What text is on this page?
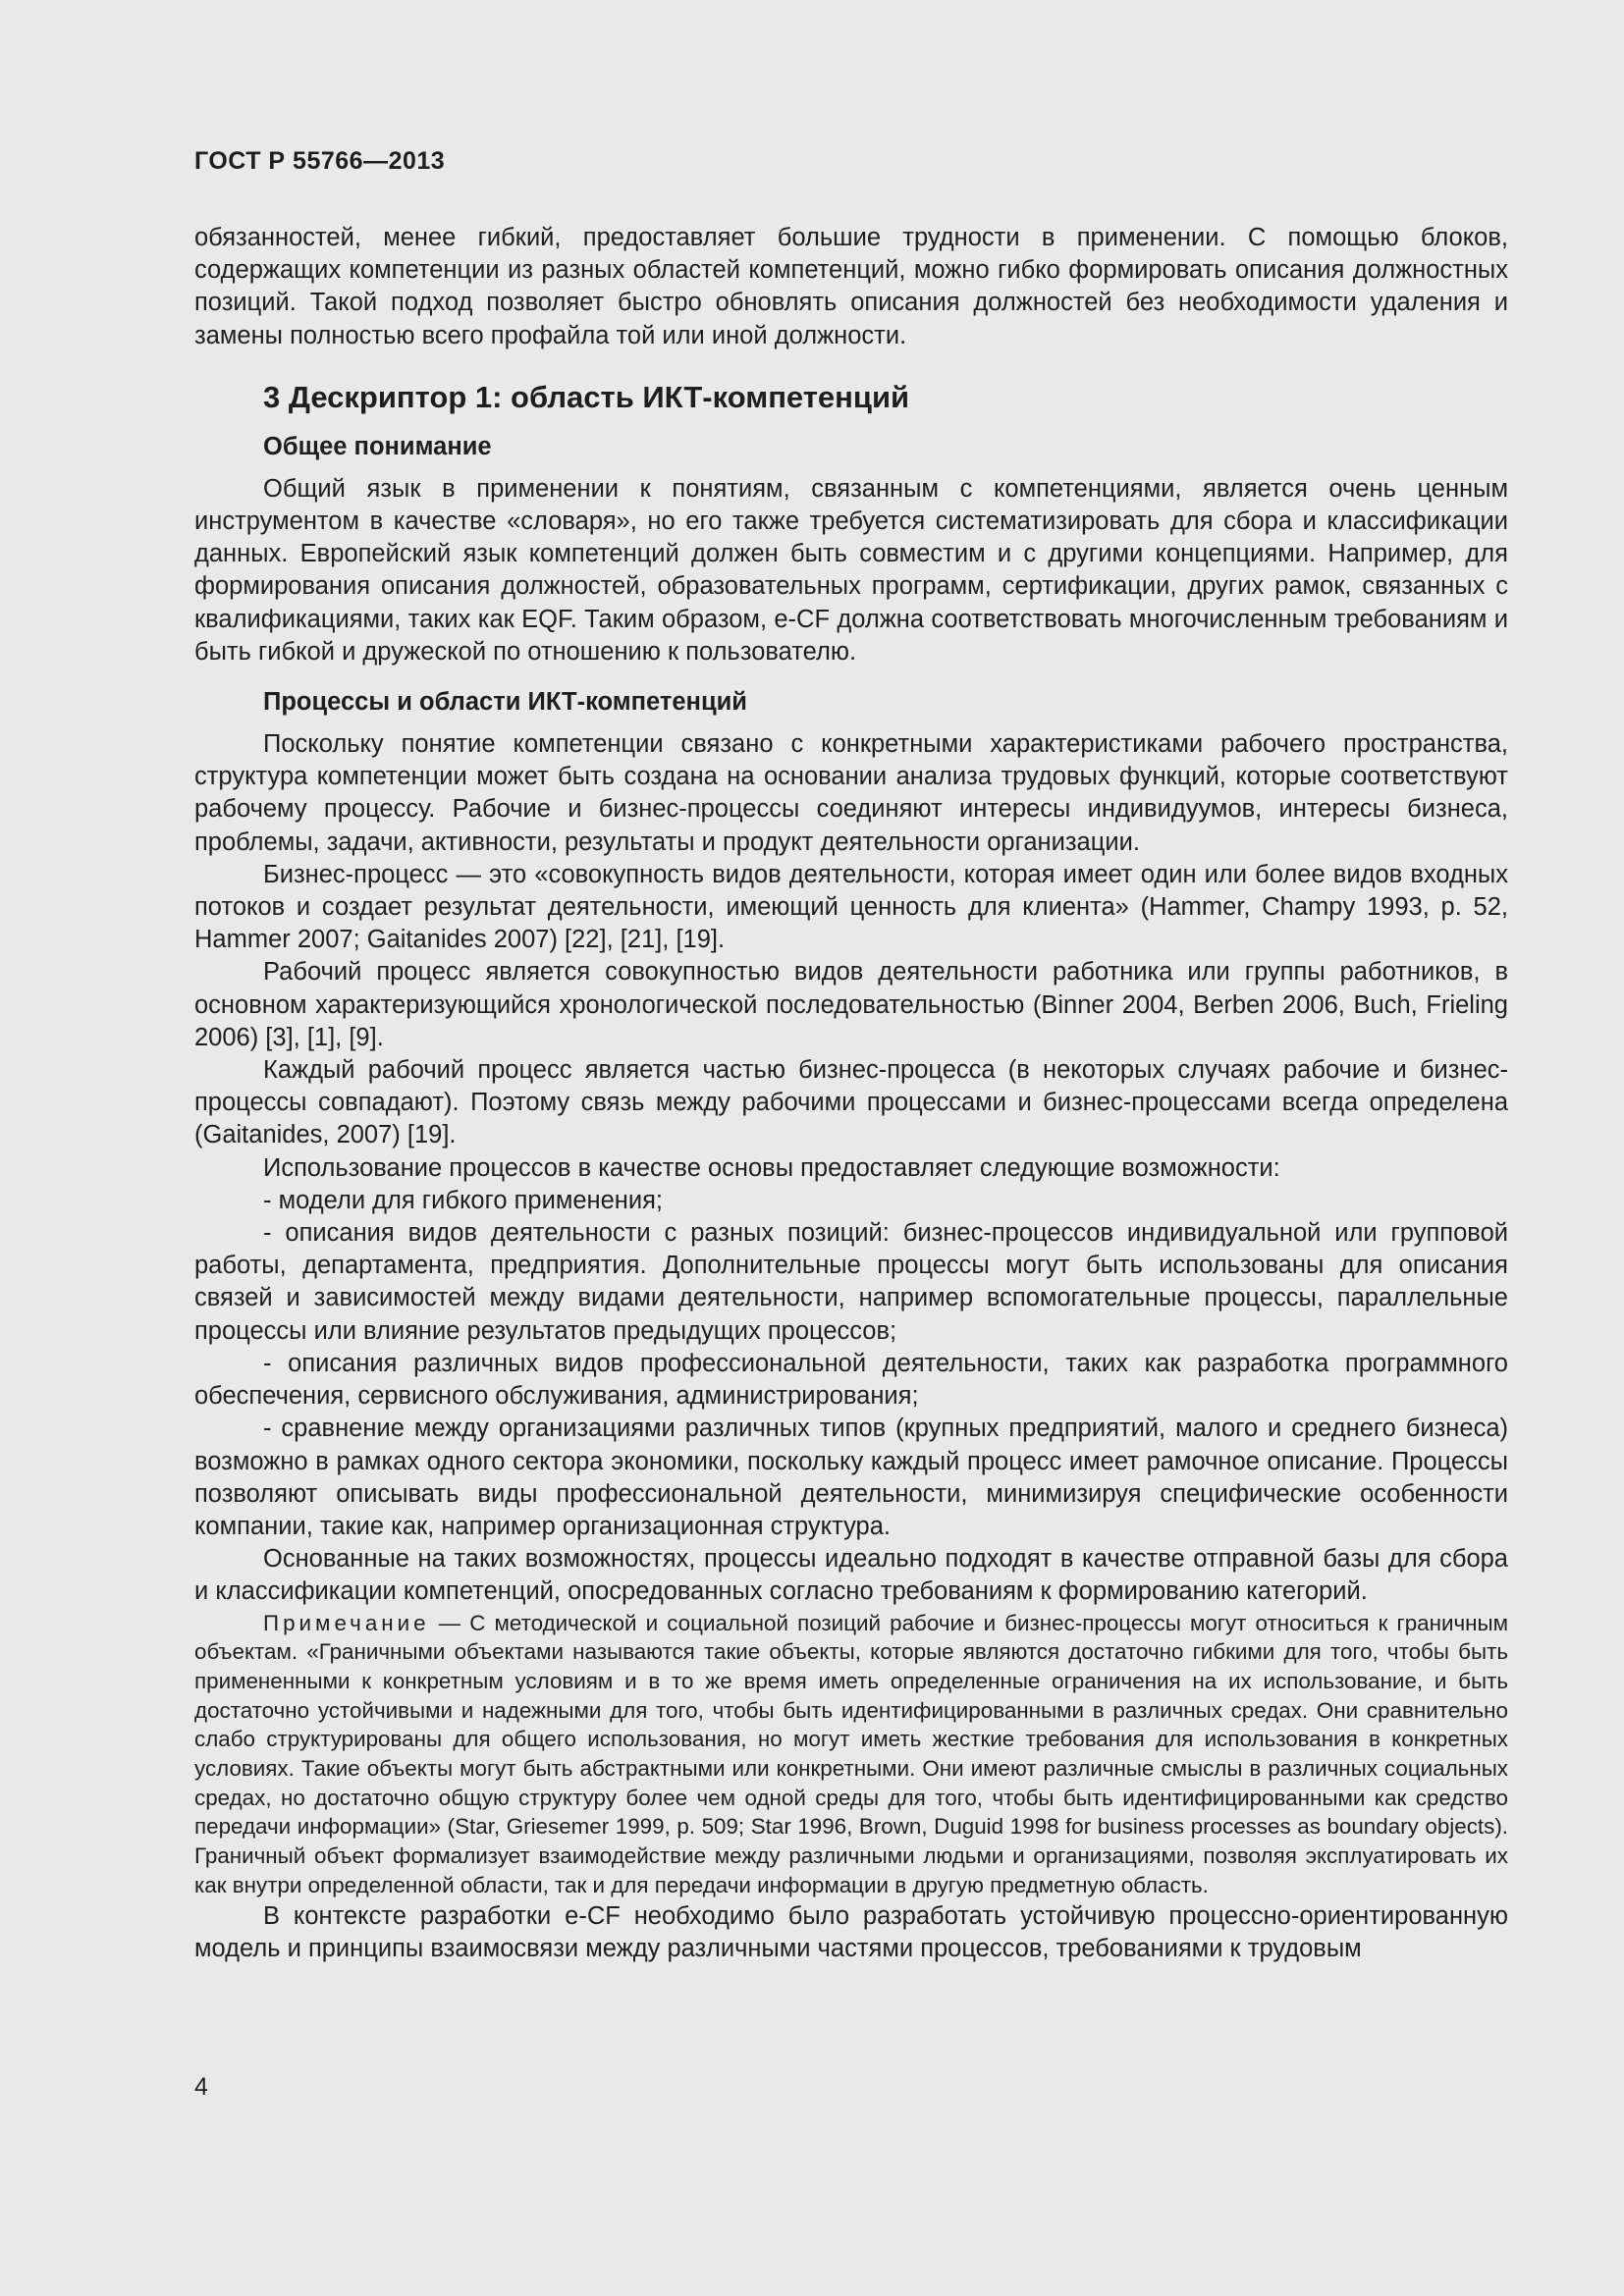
ГОСТ Р 55766—2013

обязанностей, менее гибкий, предоставляет большие трудности в применении. С помощью блоков, содержащих компетенции из разных областей компетенций, можно гибко формировать описания должностных позиций. Такой подход позволяет быстро обновлять описания должностей без необходимости удаления и замены полностью всего профайла той или иной должности.

3 Дескриптор 1: область ИКТ-компетенций
Общее понимание

Общий язык в применении к понятиям, связанным с компетенциями, является очень ценным инструментом в качестве «словаря», но его также требуется систематизировать для сбора и классификации данных. Европейский язык компетенций должен быть совместим и с другими концепциями. Например, для формирования описания должностей, образовательных программ, сертификации, других рамок, связанных с квалификациями, таких как EQF. Таким образом, e-CF должна соответствовать многочисленным требованиям и быть гибкой и дружеской по отношению к пользователю.

Процессы и области ИКТ-компетенций

Поскольку понятие компетенции связано с конкретными характеристиками рабочего пространства, структура компетенции может быть создана на основании анализа трудовых функций, которые соответствуют рабочему процессу. Рабочие и бизнес-процессы соединяют интересы индивидуумов, интересы бизнеса, проблемы, задачи, активности, результаты и продукт деятельности организации.

Бизнес-процесс — это «совокупность видов деятельности, которая имеет один или более видов входных потоков и создает результат деятельности, имеющий ценность для клиента» (Hammer, Champy 1993, p. 52, Hammer 2007; Gaitanides 2007) [22], [21], [19].

Рабочий процесс является совокупностью видов деятельности работника или группы работников, в основном характеризующийся хронологической последовательностью (Binner 2004, Berben 2006, Buch, Frieling 2006) [3], [1], [9].

Каждый рабочий процесс является частью бизнес-процесса (в некоторых случаях рабочие и бизнес-процессы совпадают). Поэтому связь между рабочими процессами и бизнес-процессами всегда определена (Gaitanides, 2007) [19].

Использование процессов в качестве основы предоставляет следующие возможности:

- модели для гибкого применения;

- описания видов деятельности с разных позиций: бизнес-процессов индивидуальной или групповой работы, департамента, предприятия. Дополнительные процессы могут быть использованы для описания связей и зависимостей между видами деятельности, например вспомогательные процессы, параллельные процессы или влияние результатов предыдущих процессов;

- описания различных видов профессиональной деятельности, таких как разработка программного обеспечения, сервисного обслуживания, администрирования;

- сравнение между организациями различных типов (крупных предприятий, малого и среднего бизнеса) возможно в рамках одного сектора экономики, поскольку каждый процесс имеет рамочное описание. Процессы позволяют описывать виды профессиональной деятельности, минимизируя специфические особенности компании, такие как, например организационная структура.

Основанные на таких возможностях, процессы идеально подходят в качестве отправной базы для сбора и классификации компетенций, опосредованных согласно требованиям к формированию категорий.

Примечание — С методической и социальной позиций рабочие и бизнес-процессы могут относиться к граничным объектам. «Граничными объектами называются такие объекты, которые являются достаточно гибкими для того, чтобы быть примененными к конкретным условиям и в то же время иметь определенные ограничения на их использование, и быть достаточно устойчивыми и надежными для того, чтобы быть идентифицированными в различных средах. Они сравнительно слабо структурированы для общего использования, но могут иметь жесткие требования для использования в конкретных условиях. Такие объекты могут быть абстрактными или конкретными. Они имеют различные смыслы в различных социальных средах, но достаточно общую структуру более чем одной среды для того, чтобы быть идентифицированными как средство передачи информации» (Star, Griesemer 1999, p. 509; Star 1996, Brown, Duguid 1998 for business processes as boundary objects). Граничный объект формализует взаимодействие между различными людьми и организациями, позволяя эксплуатировать их как внутри определенной области, так и для передачи информации в другую предметную область.

В контексте разработки e-CF необходимо было разработать устойчивую процессно-ориентированную модель и принципы взаимосвязи между различными частями процессов, требованиями к трудовым

4
